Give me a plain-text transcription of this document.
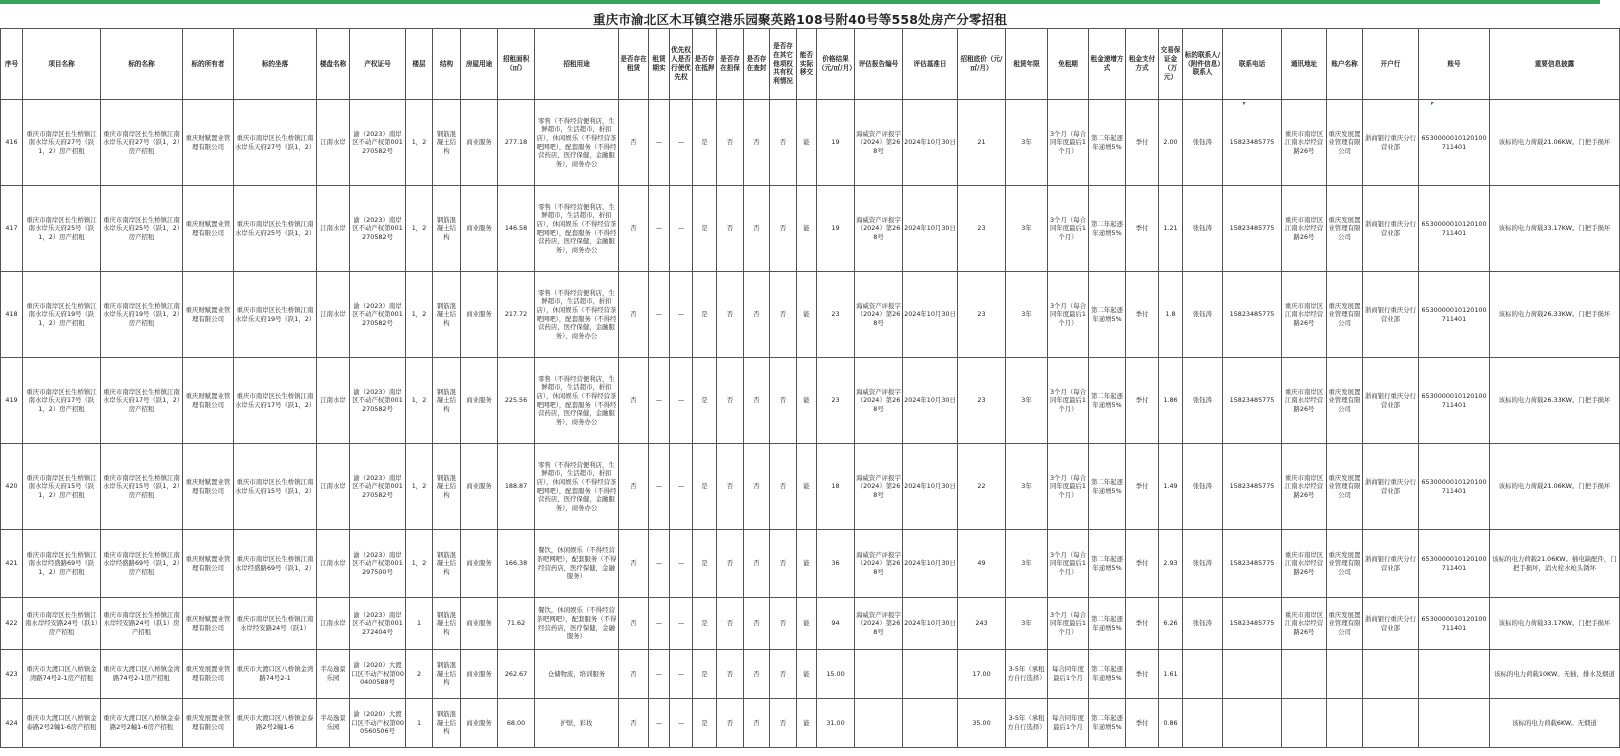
重庆市渝北区木耳镇空港乐园聚英路108号附40号等558处房产分零招租
序号	项目名称	标的名称	标的所有者	标的坐落	楼盘名称	产权证号	楼层	结构	房屋用途	招租面积（㎡）	招租用途	是否存在租赁	租赁期实	优先权人是否行使优先权	是否存在抵押	是否存在担保	是否存在查封	是否存在其它他项权共有权利情况	能否实际移交	价格结果（元/㎡/月）	评估报告编号	评估基准日	招租底价（元/㎡/月）	租赁年限	免租期	租金递增方式	租金支付方式	交易保证金（万元）	标的联系人/（附件信息）联系人	联系电话	通讯地址	账户名称	开户行	账号	重要信息披露
416	重庆市南岸区长生桥镇江南水岸乐天府27号（跃1，2）房产招租	重庆市南岸区长生桥镇江南水岸乐天府27号（跃1，2）房产招租	重庆财赋置业管理有限公司	重庆市南岸区长生桥镇江南水岸乐天府27号（跃1，2）	江南水岸	渝（2023）南岸区不动产权第001270582号	1，2	钢筋混凝土结构	商业服务	277.18	零售（不得经营便利店，生鲜超市，生活超市，折扣店），休闲娱乐（不得经营茶吧网吧），配套服务（不得经营药店，医疗保健，金融服务），商务办公	否	—	—	是	否	否	否	能	19	海威资产评报字（2024）第268号	2024年10月30日	21	3年	3个月（每合同年度最后1个月）	第二年起逐年递增5%	季付	2.00	张钰涛	15823485775	重庆市南岸区江南水岸经营路26号	重庆发展置业管理有限公司	浙商银行重庆分行营业部	6530000010120100711401	该标的电力荷载21.06KW。门把手损坏
417	重庆市南岸区长生桥镇江南水岸乐天府25号（跃1，2）房产招租	重庆市南岸区长生桥镇江南水岸乐天府25号（跃1，2）房产招租	重庆财赋置业管理有限公司	重庆市南岸区长生桥镇江南水岸乐天府25号（跃1，2）	江南水岸	渝（2023）南岸区不动产权第001270582号	1，2	钢筋混凝土结构	商业服务	146.58	零售（不得经营便利店，生鲜超市，生活超市，折扣店），休闲娱乐（不得经营茶吧网吧），配套服务（不得经营药店，医疗保健，金融服务），商务办公	否	—	—	是	否	否	否	能	19	海威资产评报字（2024）第268号	2024年10月30日	23	3年	3个月（每合同年度最后1个月）	第二年起逐年递增5%	季付	1.21	张钰涛	15823485775	重庆市南岸区江南水岸经营路26号	重庆发展置业管理有限公司	浙商银行重庆分行营业部	6530000010120100711401	该标的电力荷载33.17KW。门把手损坏
418	重庆市南岸区长生桥镇江南水岸乐天府19号（跃1，2）房产招租	重庆市南岸区长生桥镇江南水岸乐天府19号（跃1，2）房产招租	重庆财赋置业管理有限公司	重庆市南岸区长生桥镇江南水岸乐天府19号（跃1，2）	江南水岸	渝（2023）南岸区不动产权第001270582号	1，2	钢筋混凝土结构	商业服务	217.72	零售（不得经营便利店，生鲜超市，生活超市，折扣店），休闲娱乐（不得经营茶吧网吧），配套服务（不得经营药店，医疗保健，金融服务），商务办公	否	—	—	是	否	否	否	能	23	海威资产评报字（2024）第268号	2024年10月30日	23	3年	3个月（每合同年度最后1个月）	第二年起逐年递增5%	季付	1.8	张钰涛	15823485775	重庆市南岸区江南水岸经营路26号	重庆发展置业管理有限公司	浙商银行重庆分行营业部	6530000010120100711401	该标的电力荷载26.33KW。门把手损坏
419	重庆市南岸区长生桥镇江南水岸乐天府17号（跃1，2）房产招租	重庆市南岸区长生桥镇江南水岸乐天府17号（跃1，2）房产招租	重庆财赋置业管理有限公司	重庆市南岸区长生桥镇江南水岸乐天府17号（跃1，2）	江南水岸	渝（2023）南岸区不动产权第001270582号	1，2	钢筋混凝土结构	商业服务	225.56	零售（不得经营便利店，生鲜超市，生活超市，折扣店），休闲娱乐（不得经营茶吧网吧），配套服务（不得经营药店，医疗保健，金融服务），商务办公	否	—	—	是	否	否	否	能	23	海威资产评报字（2024）第268号	2024年10月30日	23	3年	3个月（每合同年度最后1个月）	第二年起逐年递增5%	季付	1.86	张钰涛	15823485775	重庆市南岸区江南水岸经营路26号	重庆发展置业管理有限公司	浙商银行重庆分行营业部	6530000010120100711401	该标的电力荷载26.33KW。门把手损坏
420	重庆市南岸区长生桥镇江南水岸乐天府15号（跃1，2）房产招租	重庆市南岸区长生桥镇江南水岸乐天府15号（跃1，2）房产招租	重庆财赋置业管理有限公司	重庆市南岸区长生桥镇江南水岸乐天府15号（跃1，2）	江南水岸	渝（2023）南岸区不动产权第001270582号	1，2	钢筋混凝土结构	商业服务	188.87	零售（不得经营便利店，生鲜超市，生活超市，折扣店），休闲娱乐（不得经营茶吧网吧），配套服务（不得经营药店，医疗保健，金融服务），商务办公	否	—	—	是	否	否	否	能	18	海威资产评报字（2024）第268号	2024年10月30日	22	3年	3个月（每合同年度最后1个月）	第二年起逐年递增5%	季付	1.49	张钰涛	15823485775	重庆市南岸区江南水岸经营路26号	重庆发展置业管理有限公司	浙商银行重庆分行营业部	6530000010120100711401	该标的电力荷载21.06KW。门把手损坏
421	重庆市南岸区长生桥镇江南水岸经盛路69号（跃1，2）房产招租	重庆市南岸区长生桥镇江南水岸经盛路69号（跃1，2）房产招租	重庆财赋置业管理有限公司	重庆市南岸区长生桥镇江南水岸经盛路69号（跃1，2）	江南水岸	渝（2023）南岸区不动产权第001297500号	1，2	钢筋混凝土结构	商业服务	166.38	餐饮，休闲娱乐（不得经营茶吧网吧），配套服务（不得经营药店，医疗保健，金融服务）	否	—	—	是	否	否	否	能	36	海威资产评报字（2024）第268号	2024年10月30日	49	3年	3个月（每合同年度最后1个月）	第二年起逐年递增5%	季付	2.93	张钰涛	15823485775	重庆市南岸区江南水岸经营路26号	重庆发展置业管理有限公司	浙商银行重庆分行营业部	6530000010120100711401	该标的电力荷载21.06KW。插电缺配件，门把手损坏，消火栓水枪头锈坏
422	重庆市南岸区长生桥镇江南水岸经安路24号（跃1）房产招租	重庆市南岸区长生桥镇江南水岸经安路24号（跃1）房产招租	重庆财赋置业管理有限公司	重庆市南岸区长生桥镇江南水岸经安路24号（跃1）	江南水岸	渝（2023）南岸区不动产权第001272404号	1	钢筋混凝土结构	商业服务	71.62	餐饮，休闲娱乐（不得经营茶吧网吧），配套服务（不得经营药店，医疗保健，金融服务）	否	—	—	是	否	否	否	能	94	海威资产评报字（2024）第268号	2024年10月30日	243	3年	3个月（每合同年度最后1个月）	第二年起逐年递增5%	季付	6.26	张钰涛	15823485775	重庆市南岸区江南水岸经营路26号	重庆发展置业管理有限公司	浙商银行重庆分行营业部	6530000010120100711401	该标的电力荷载33.17KW。门把手损坏
423	重庆市大渡口区八桥镇金湾路74号2-1房产招租	重庆市大渡口区八桥镇金湾路74号2-1房产招租	重庆发展置业管理有限公司	重庆市大渡口区八桥镇金湾路74号2-1	半岛逸景乐园	渝（2020）大渡口区不动产权第000400588号	2	钢筋混凝土结构	商业服务	262.67	仓储物流，培训服务	否	—	—	是	否	否	否	能	15.00			17.00	3-5年（承租方自行选择）	每合同年度最后1个月	第二年起逐年递增5%	季付	1.61							该标的电力荷载10KW。无插，排水及烟道
424	重庆市大渡口区八桥镇金泰路2号2幢1-6房产招租	重庆市大渡口区八桥镇金泰路2号2幢1-6房产招租	重庆发展置业管理有限公司	重庆市大渡口区八桥镇金泰路2号2幢1-6	半岛逸景乐园	渝（2020）大渡口区不动产权第000560506号	1	钢筋混凝土结构	商业服务	68.00	护肤，彩妆	否	—	—	是	否	否	否	能	31.00			35.00	3-5年（承租方自行选择）	每合同年度最后1个月	第二年起逐年递增5%	季付	0.86							该标的电力荷载6KW。无烟道
